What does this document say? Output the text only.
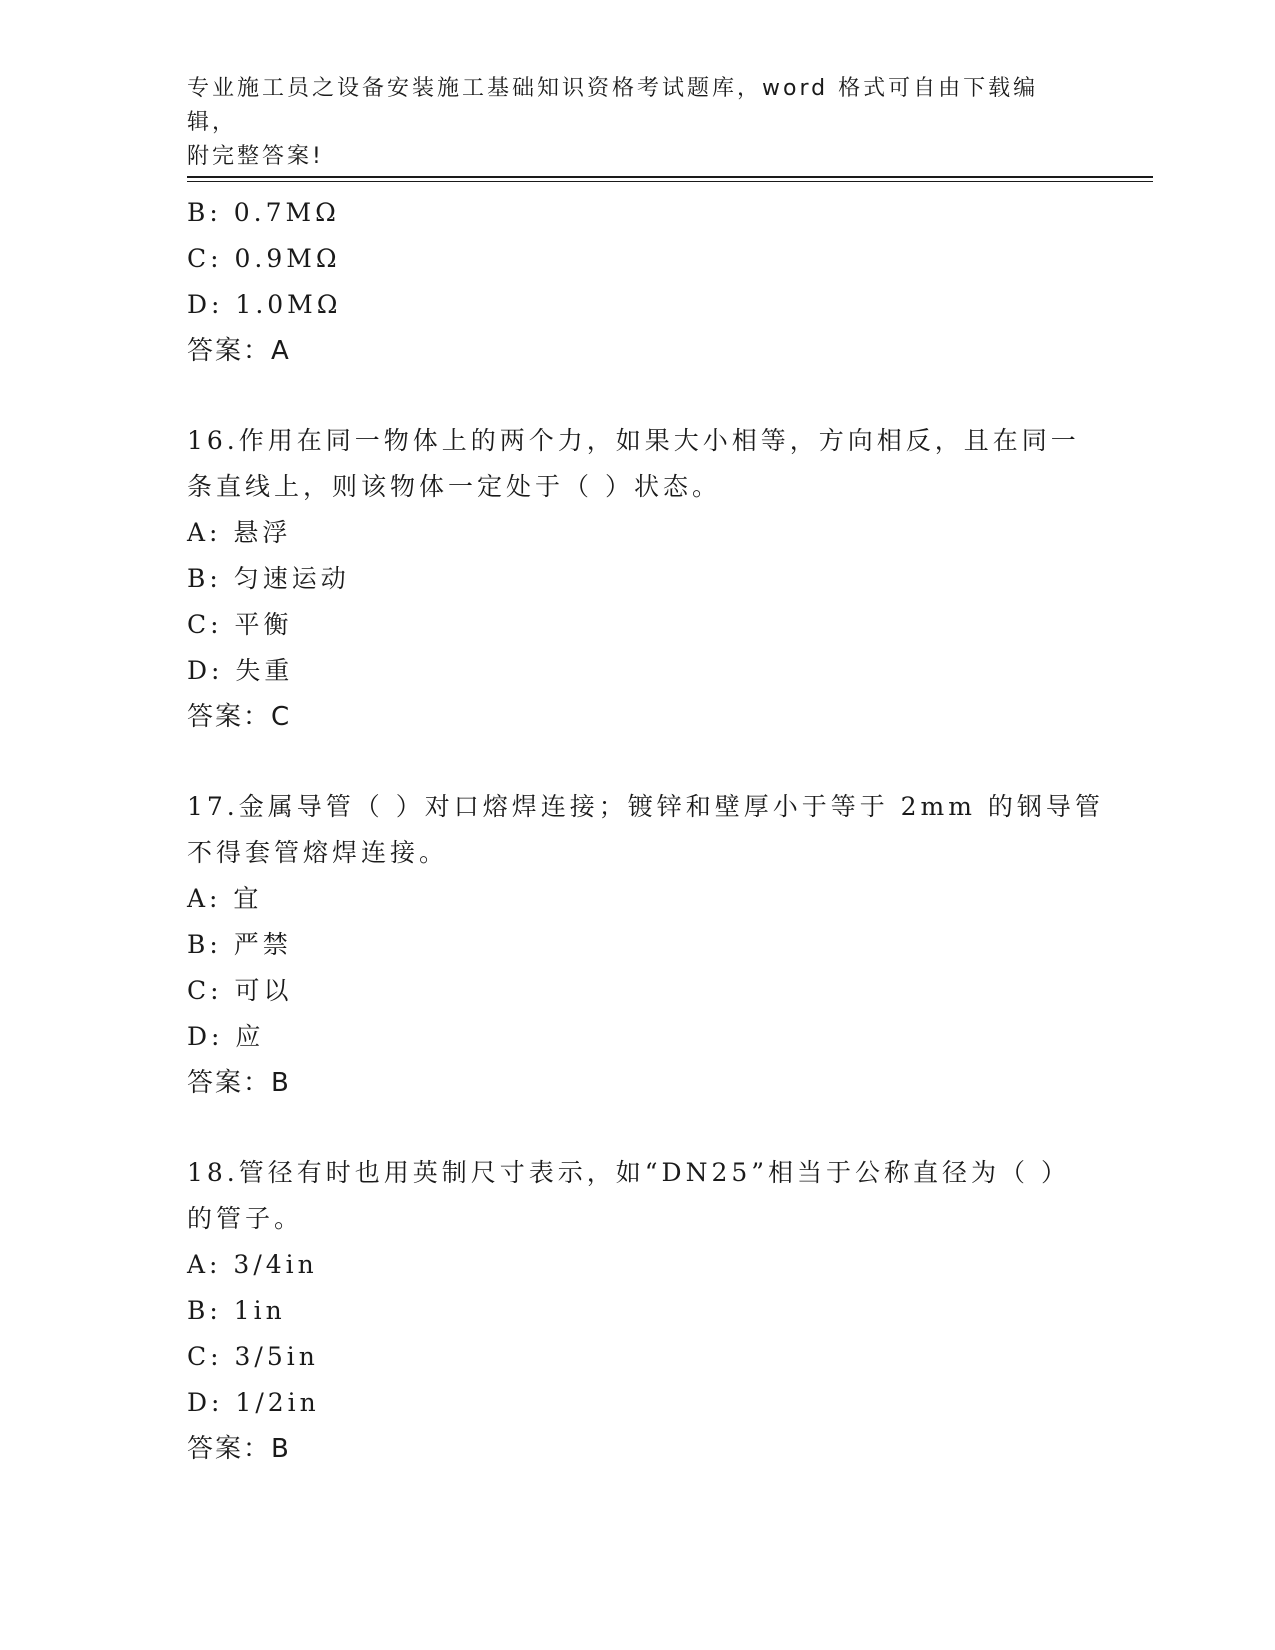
专业施工员之设备安装施工基础知识资格考试题库，word 格式可自由下载编辑，
附完整答案!
B: 0.7MΩ
C: 0.9MΩ
D: 1.0MΩ
答案：A
16.作用在同一物体上的两个力，如果大小相等，方向相反，且在同一
条直线上，则该物体一定处于（ ）状态。
A: 悬浮
B: 匀速运动
C: 平衡
D: 失重
答案：C
17.金属导管（ ）对口熔焊连接；镀锌和壁厚小于等于 2mm 的钢导管
不得套管熔焊连接。
A: 宜
B: 严禁
C: 可以
D: 应
答案：B
18.管径有时也用英制尺寸表示，如“DN25”相当于公称直径为（ ）
的管子。
A: 3/4in
B: 1in
C: 3/5in
D: 1/2in
答案：B
